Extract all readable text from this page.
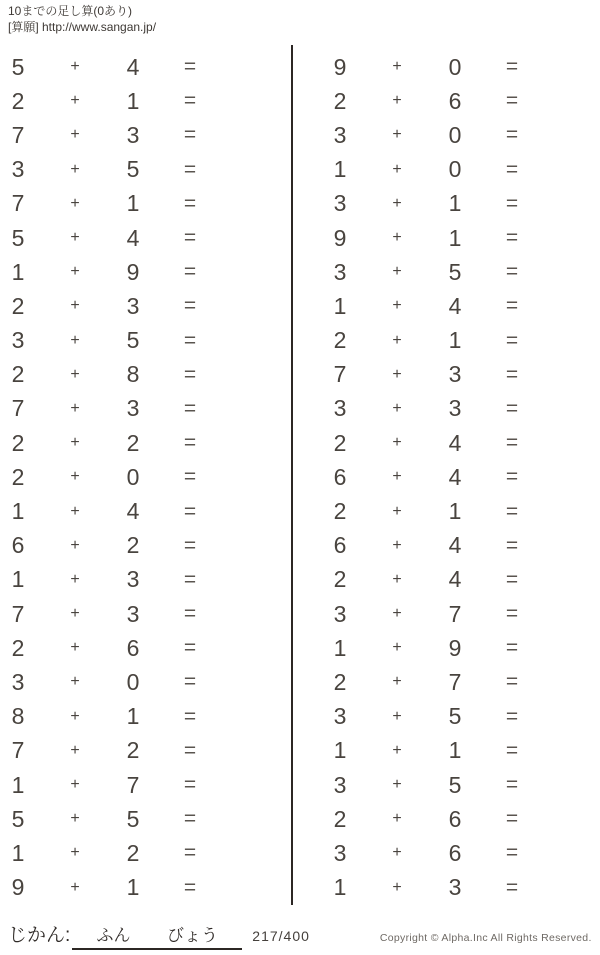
10までの足し算(0あり)
[算願] http://www.sangan.jp/
5	+	4	=
2	+	1	=
7	+	3	=
3	+	5	=
7	+	1	=
5	+	4	=
1	+	9	=
2	+	3	=
3	+	5	=
2	+	8	=
7	+	3	=
2	+	2	=
2	+	0	=
1	+	4	=
6	+	2	=
1	+	3	=
7	+	3	=
2	+	6	=
3	+	0	=
8	+	1	=
7	+	2	=
1	+	7	=
5	+	5	=
1	+	2	=
9	+	1	=
9	+	0	=
2	+	6	=
3	+	0	=
1	+	0	=
3	+	1	=
9	+	1	=
3	+	5	=
1	+	4	=
2	+	1	=
7	+	3	=
3	+	3	=
2	+	4	=
6	+	4	=
2	+	1	=
6	+	4	=
2	+	4	=
3	+	7	=
1	+	9	=
2	+	7	=
3	+	5	=
1	+	1	=
3	+	5	=
2	+	6	=
3	+	6	=
1	+	3	=
じかん: ふん びょう 217/400	Copyright © Alpha.Inc All Rights Reserved.
